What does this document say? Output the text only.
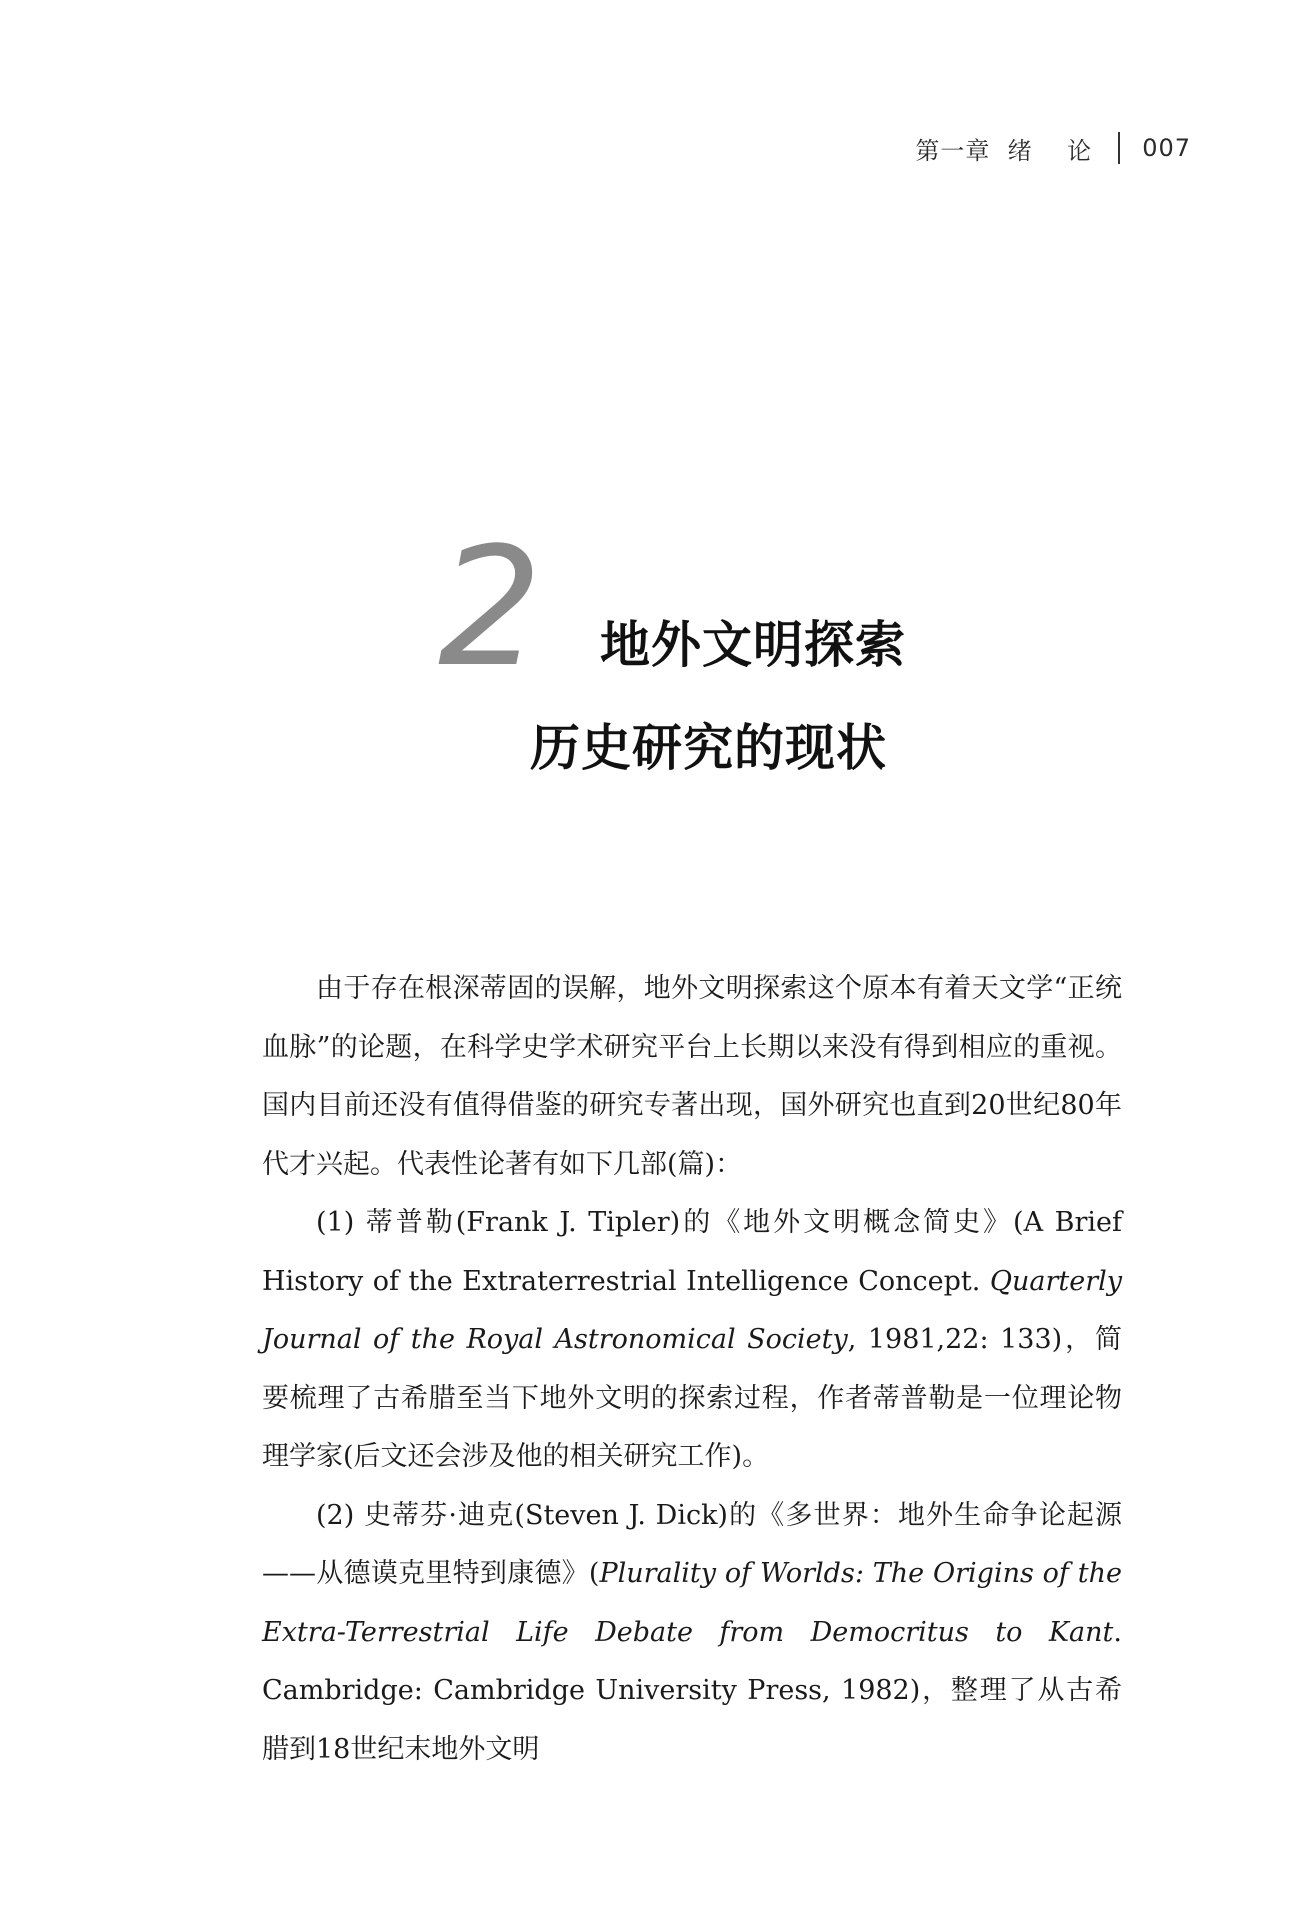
第一章  绪    论 007
2 地外文明探索
历史研究的现状

由于存在根深蒂固的误解，地外文明探索这个原本有着天文学“正统血脉”的论题，在科学史学术研究平台上长期以来没有得到相应的重视。国内目前还没有值得借鉴的研究专著出现，国外研究也直到20世纪80年代才兴起。代表性论著有如下几部(篇)：

(1) 蒂普勒(Frank J. Tipler)的《地外文明概念简史》(A Brief History of the Extraterrestrial Intelligence Concept. Quarterly Journal of the Royal Astronomical Society, 1981,22: 133)，简要梳理了古希腊至当下地外文明的探索过程，作者蒂普勒是一位理论物理学家(后文还会涉及他的相关研究工作)。

(2) 史蒂芬·迪克(Steven J. Dick)的《多世界：地外生命争论起源——从德谟克里特到康德》(Plurality of Worlds: The Origins of the Extra-Terrestrial Life Debate from Democritus to Kant. Cambridge: Cambridge University Press, 1982)，整理了从古希腊到18世纪末地外文明
